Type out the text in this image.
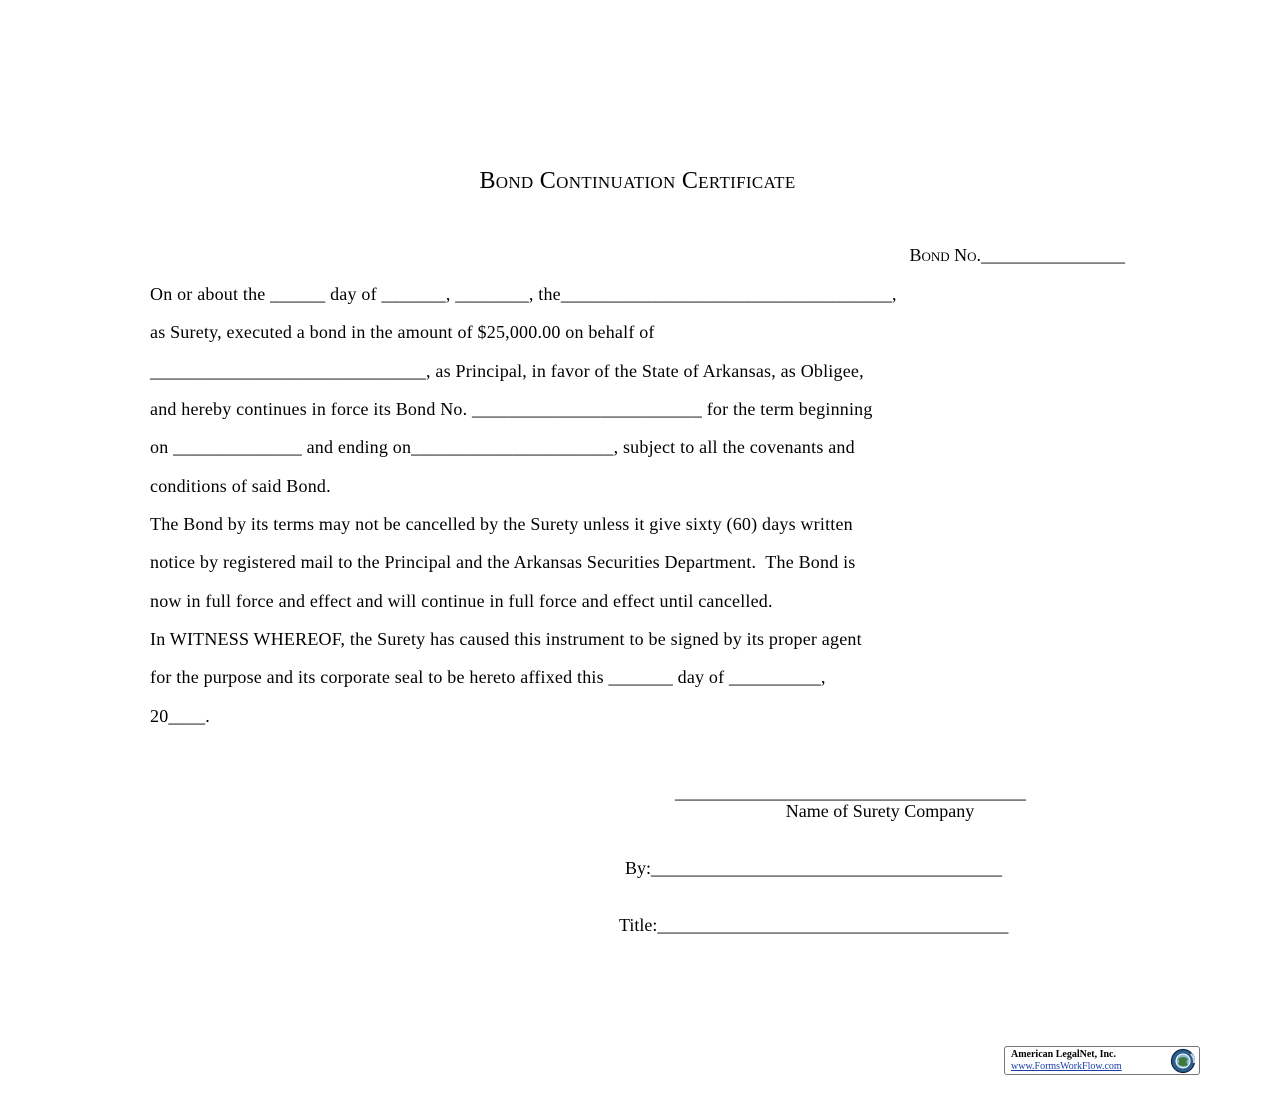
Bond Continuation Certificate
Bond No.________________
On or about the ______ day of _______, ________, the____________________________________,
as Surety, executed a bond in the amount of $25,000.00 on behalf of
______________________________, as Principal, in favor of the State of Arkansas, as Obligee,
and hereby continues in force its Bond No. _________________________ for the term beginning
on ______________ and ending on______________________, subject to all the covenants and
conditions of said Bond.
The Bond by its terms may not be cancelled by the Surety unless it give sixty (60) days written
notice by registered mail to the Principal and the Arkansas Securities Department.  The Bond is
now in full force and effect and will continue in full force and effect until cancelled.
In WITNESS WHEREOF, the Surety has caused this instrument to be signed by its proper agent
for the purpose and its corporate seal to be hereto affixed this _______ day of __________,
20____.
_______________________________________
Name of Surety Company
By:_______________________________________
Title:_______________________________________
American LegalNet, Inc.
www.FormsWorkFlow.com
